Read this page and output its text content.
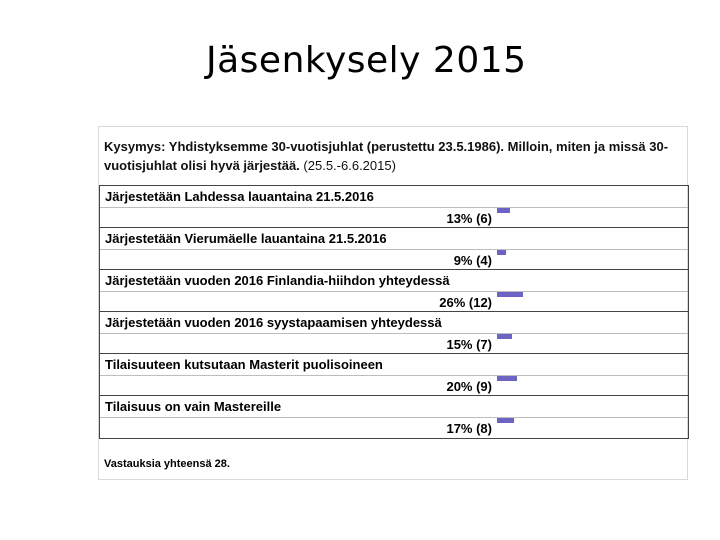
Jäsenkysely 2015
Kysymys: Yhdistyksemme 30-vuotisjuhlat (perustettu 23.5.1986). Milloin, miten ja missä 30-vuotisjuhlat olisi hyvä järjestää. (25.5.-6.6.2015)
Järjestetään Lahdessa lauantaina 21.5.2016
13% (6)
Järjestetään Vierumäelle lauantaina 21.5.2016
9% (4)
Järjestetään vuoden 2016 Finlandia-hiihdon yhteydessä
26% (12)
Järjestetään vuoden 2016 syystapaamisen yhteydessä
15% (7)
Tilaisuuteen kutsutaan Masterit puolisoineen
20% (9)
Tilaisuus on vain Mastereille
17% (8)
Vastauksia yhteensä 28.
